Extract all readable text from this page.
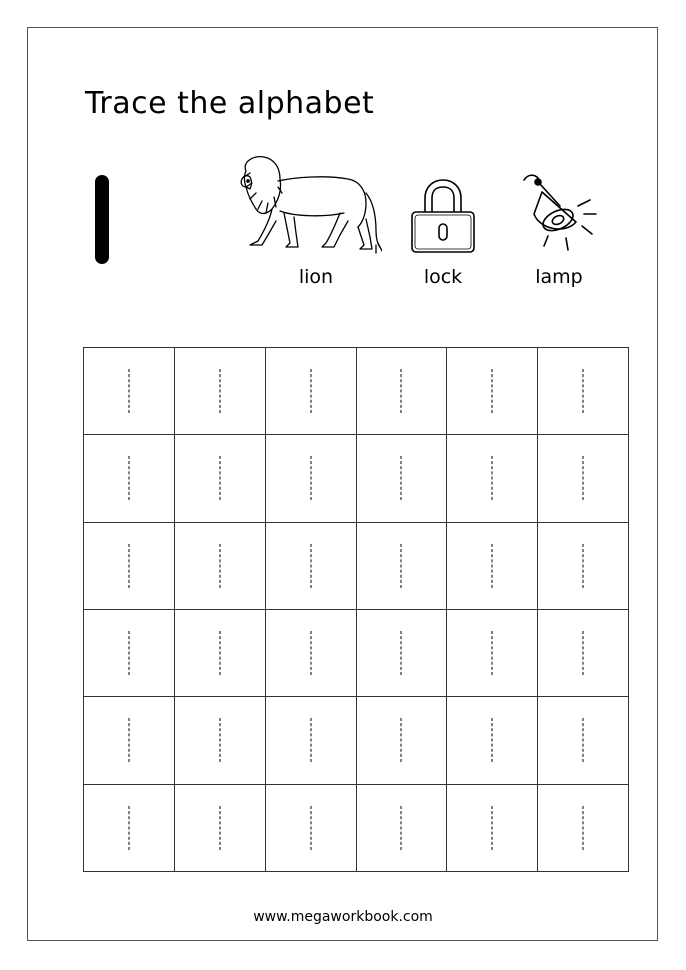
Trace the alphabet
lion	lock	lamp
www.megaworkbook.com
